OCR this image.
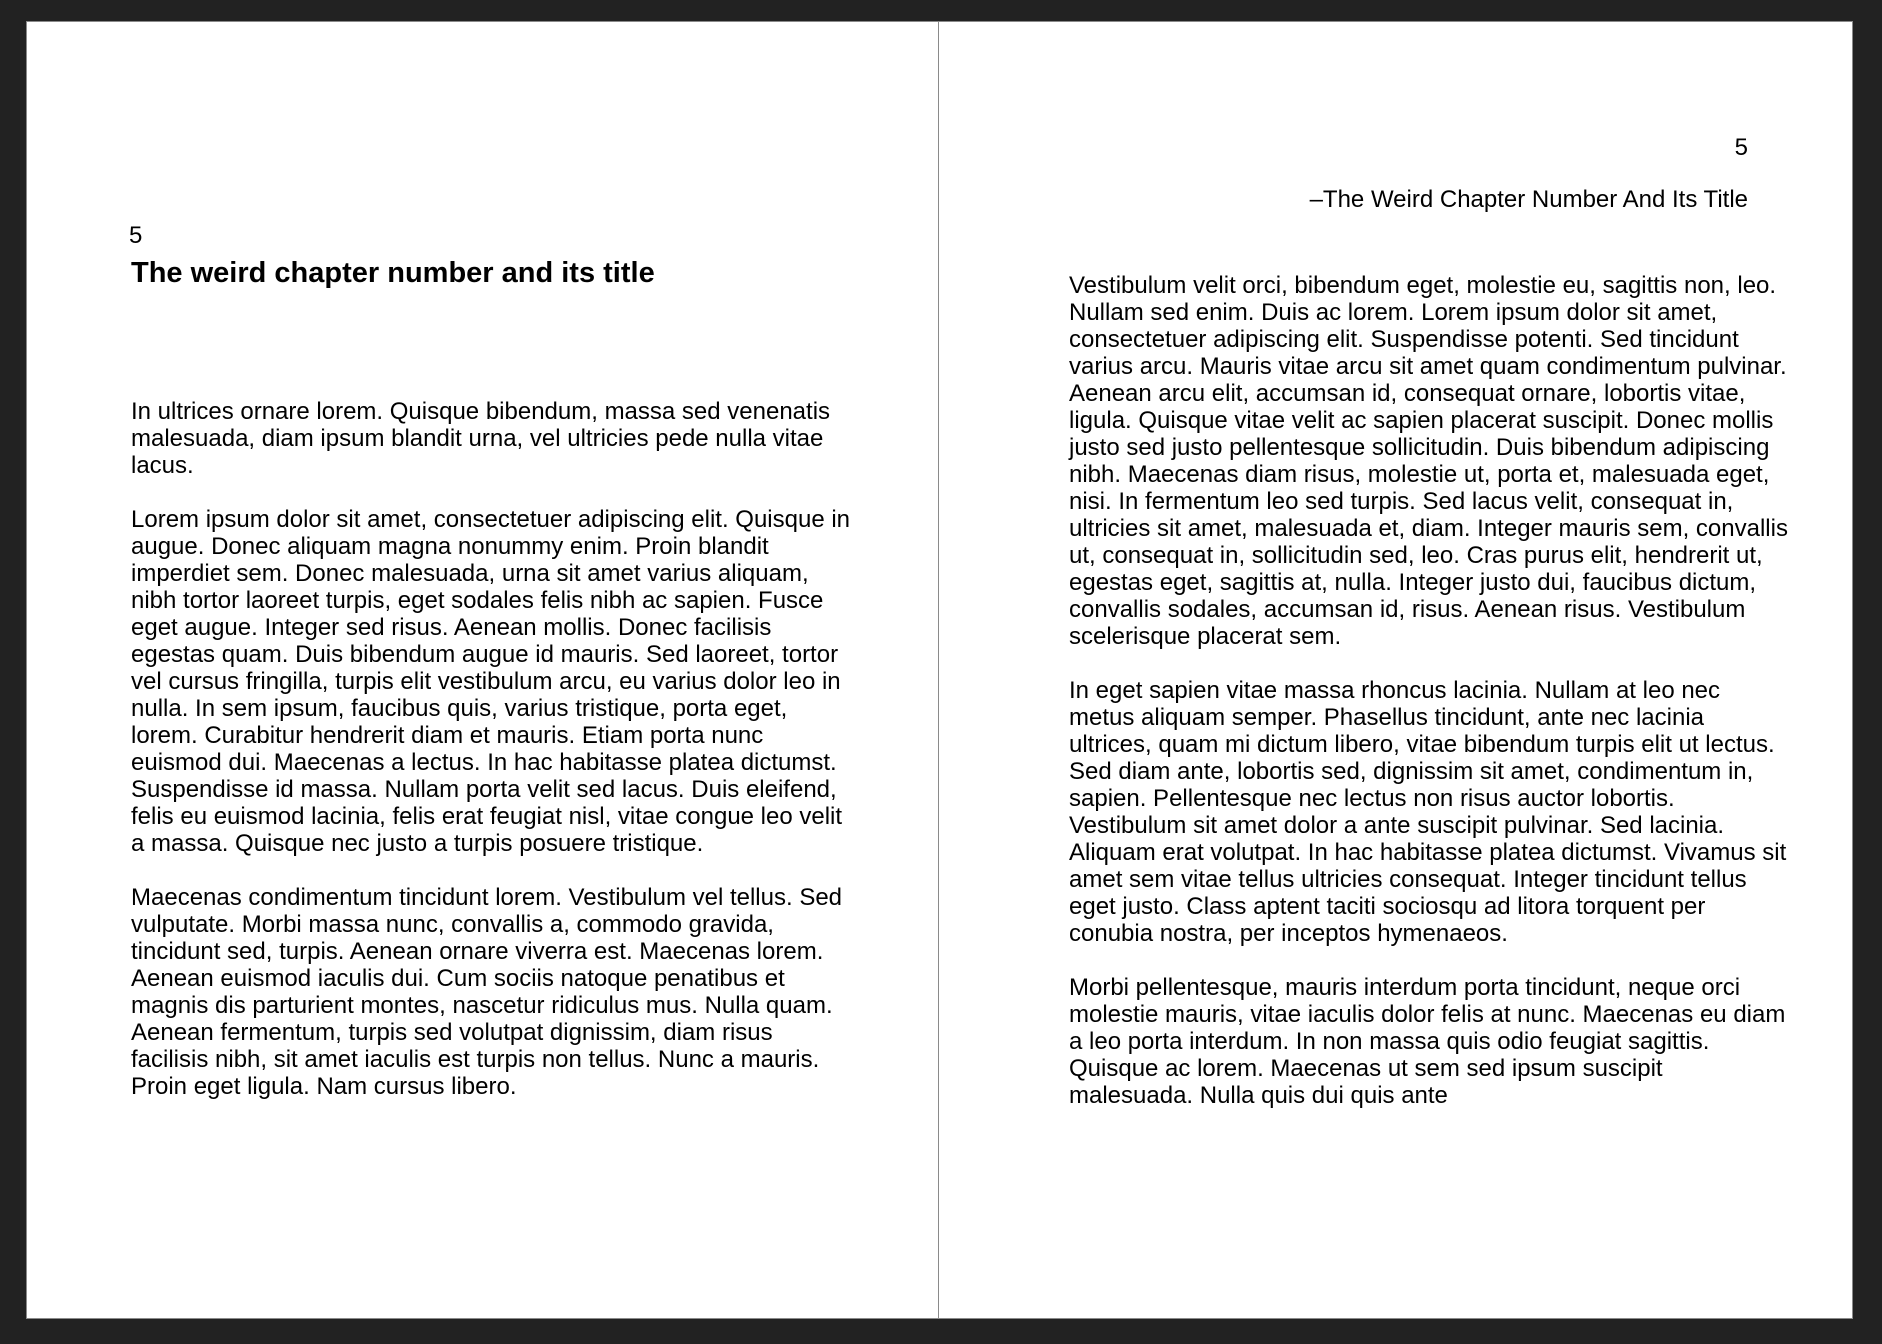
5

The weird chapter number and its title

In ultrices ornare lorem. Quisque bibendum, massa sed venenatis malesuada, diam ipsum blandit urna, vel ultricies pede nulla vitae lacus.

Lorem ipsum dolor sit amet, consectetuer adipiscing elit. Quisque in augue. Donec aliquam magna nonummy enim. Proin blandit imperdiet sem. Donec malesuada, urna sit amet varius aliquam, nibh tortor laoreet turpis, eget sodales felis nibh ac sapien. Fusce eget augue. Integer sed risus. Aenean mollis. Donec facilisis egestas quam. Duis bibendum augue id mauris. Sed laoreet, tortor vel cursus fringilla, turpis elit vestibulum arcu, eu varius dolor leo in nulla. In sem ipsum, faucibus quis, varius tristique, porta eget, lorem. Curabitur hendrerit diam et mauris. Etiam porta nunc euismod dui. Maecenas a lectus. In hac habitasse platea dictumst. Suspendisse id massa. Nullam porta velit sed lacus. Duis eleifend, felis eu euismod lacinia, felis erat feugiat nisl, vitae congue leo velit a massa. Quisque nec justo a turpis posuere tristique.

Maecenas condimentum tincidunt lorem. Vestibulum vel tellus. Sed vulputate. Morbi massa nunc, convallis a, commodo gravida, tincidunt sed, turpis. Aenean ornare viverra est. Maecenas lorem. Aenean euismod iaculis dui. Cum sociis natoque penatibus et magnis dis parturient montes, nascetur ridiculus mus. Nulla quam. Aenean fermentum, turpis sed volutpat dignissim, diam risus facilisis nibh, sit amet iaculis est turpis non tellus. Nunc a mauris. Proin eget ligula. Nam cursus libero.

5

–The Weird Chapter Number And Its Title

Vestibulum velit orci, bibendum eget, molestie eu, sagittis non, leo. Nullam sed enim. Duis ac lorem. Lorem ipsum dolor sit amet, consectetuer adipiscing elit. Suspendisse potenti. Sed tincidunt varius arcu. Mauris vitae arcu sit amet quam condimentum pulvinar. Aenean arcu elit, accumsan id, consequat ornare, lobortis vitae, ligula. Quisque vitae velit ac sapien placerat suscipit. Donec mollis justo sed justo pellentesque sollicitudin. Duis bibendum adipiscing nibh. Maecenas diam risus, molestie ut, porta et, malesuada eget, nisi. In fermentum leo sed turpis. Sed lacus velit, consequat in, ultricies sit amet, malesuada et, diam. Integer mauris sem, convallis ut, consequat in, sollicitudin sed, leo. Cras purus elit, hendrerit ut, egestas eget, sagittis at, nulla. Integer justo dui, faucibus dictum, convallis sodales, accumsan id, risus. Aenean risus. Vestibulum scelerisque placerat sem.

In eget sapien vitae massa rhoncus lacinia. Nullam at leo nec metus aliquam semper. Phasellus tincidunt, ante nec lacinia ultrices, quam mi dictum libero, vitae bibendum turpis elit ut lectus. Sed diam ante, lobortis sed, dignissim sit amet, condimentum in, sapien. Pellentesque nec lectus non risus auctor lobortis. Vestibulum sit amet dolor a ante suscipit pulvinar. Sed lacinia. Aliquam erat volutpat. In hac habitasse platea dictumst. Vivamus sit amet sem vitae tellus ultricies consequat. Integer tincidunt tellus eget justo. Class aptent taciti sociosqu ad litora torquent per conubia nostra, per inceptos hymenaeos.

Morbi pellentesque, mauris interdum porta tincidunt, neque orci molestie mauris, vitae iaculis dolor felis at nunc. Maecenas eu diam a leo porta interdum. In non massa quis odio feugiat sagittis. Quisque ac lorem. Maecenas ut sem sed ipsum suscipit malesuada. Nulla quis dui quis ante
